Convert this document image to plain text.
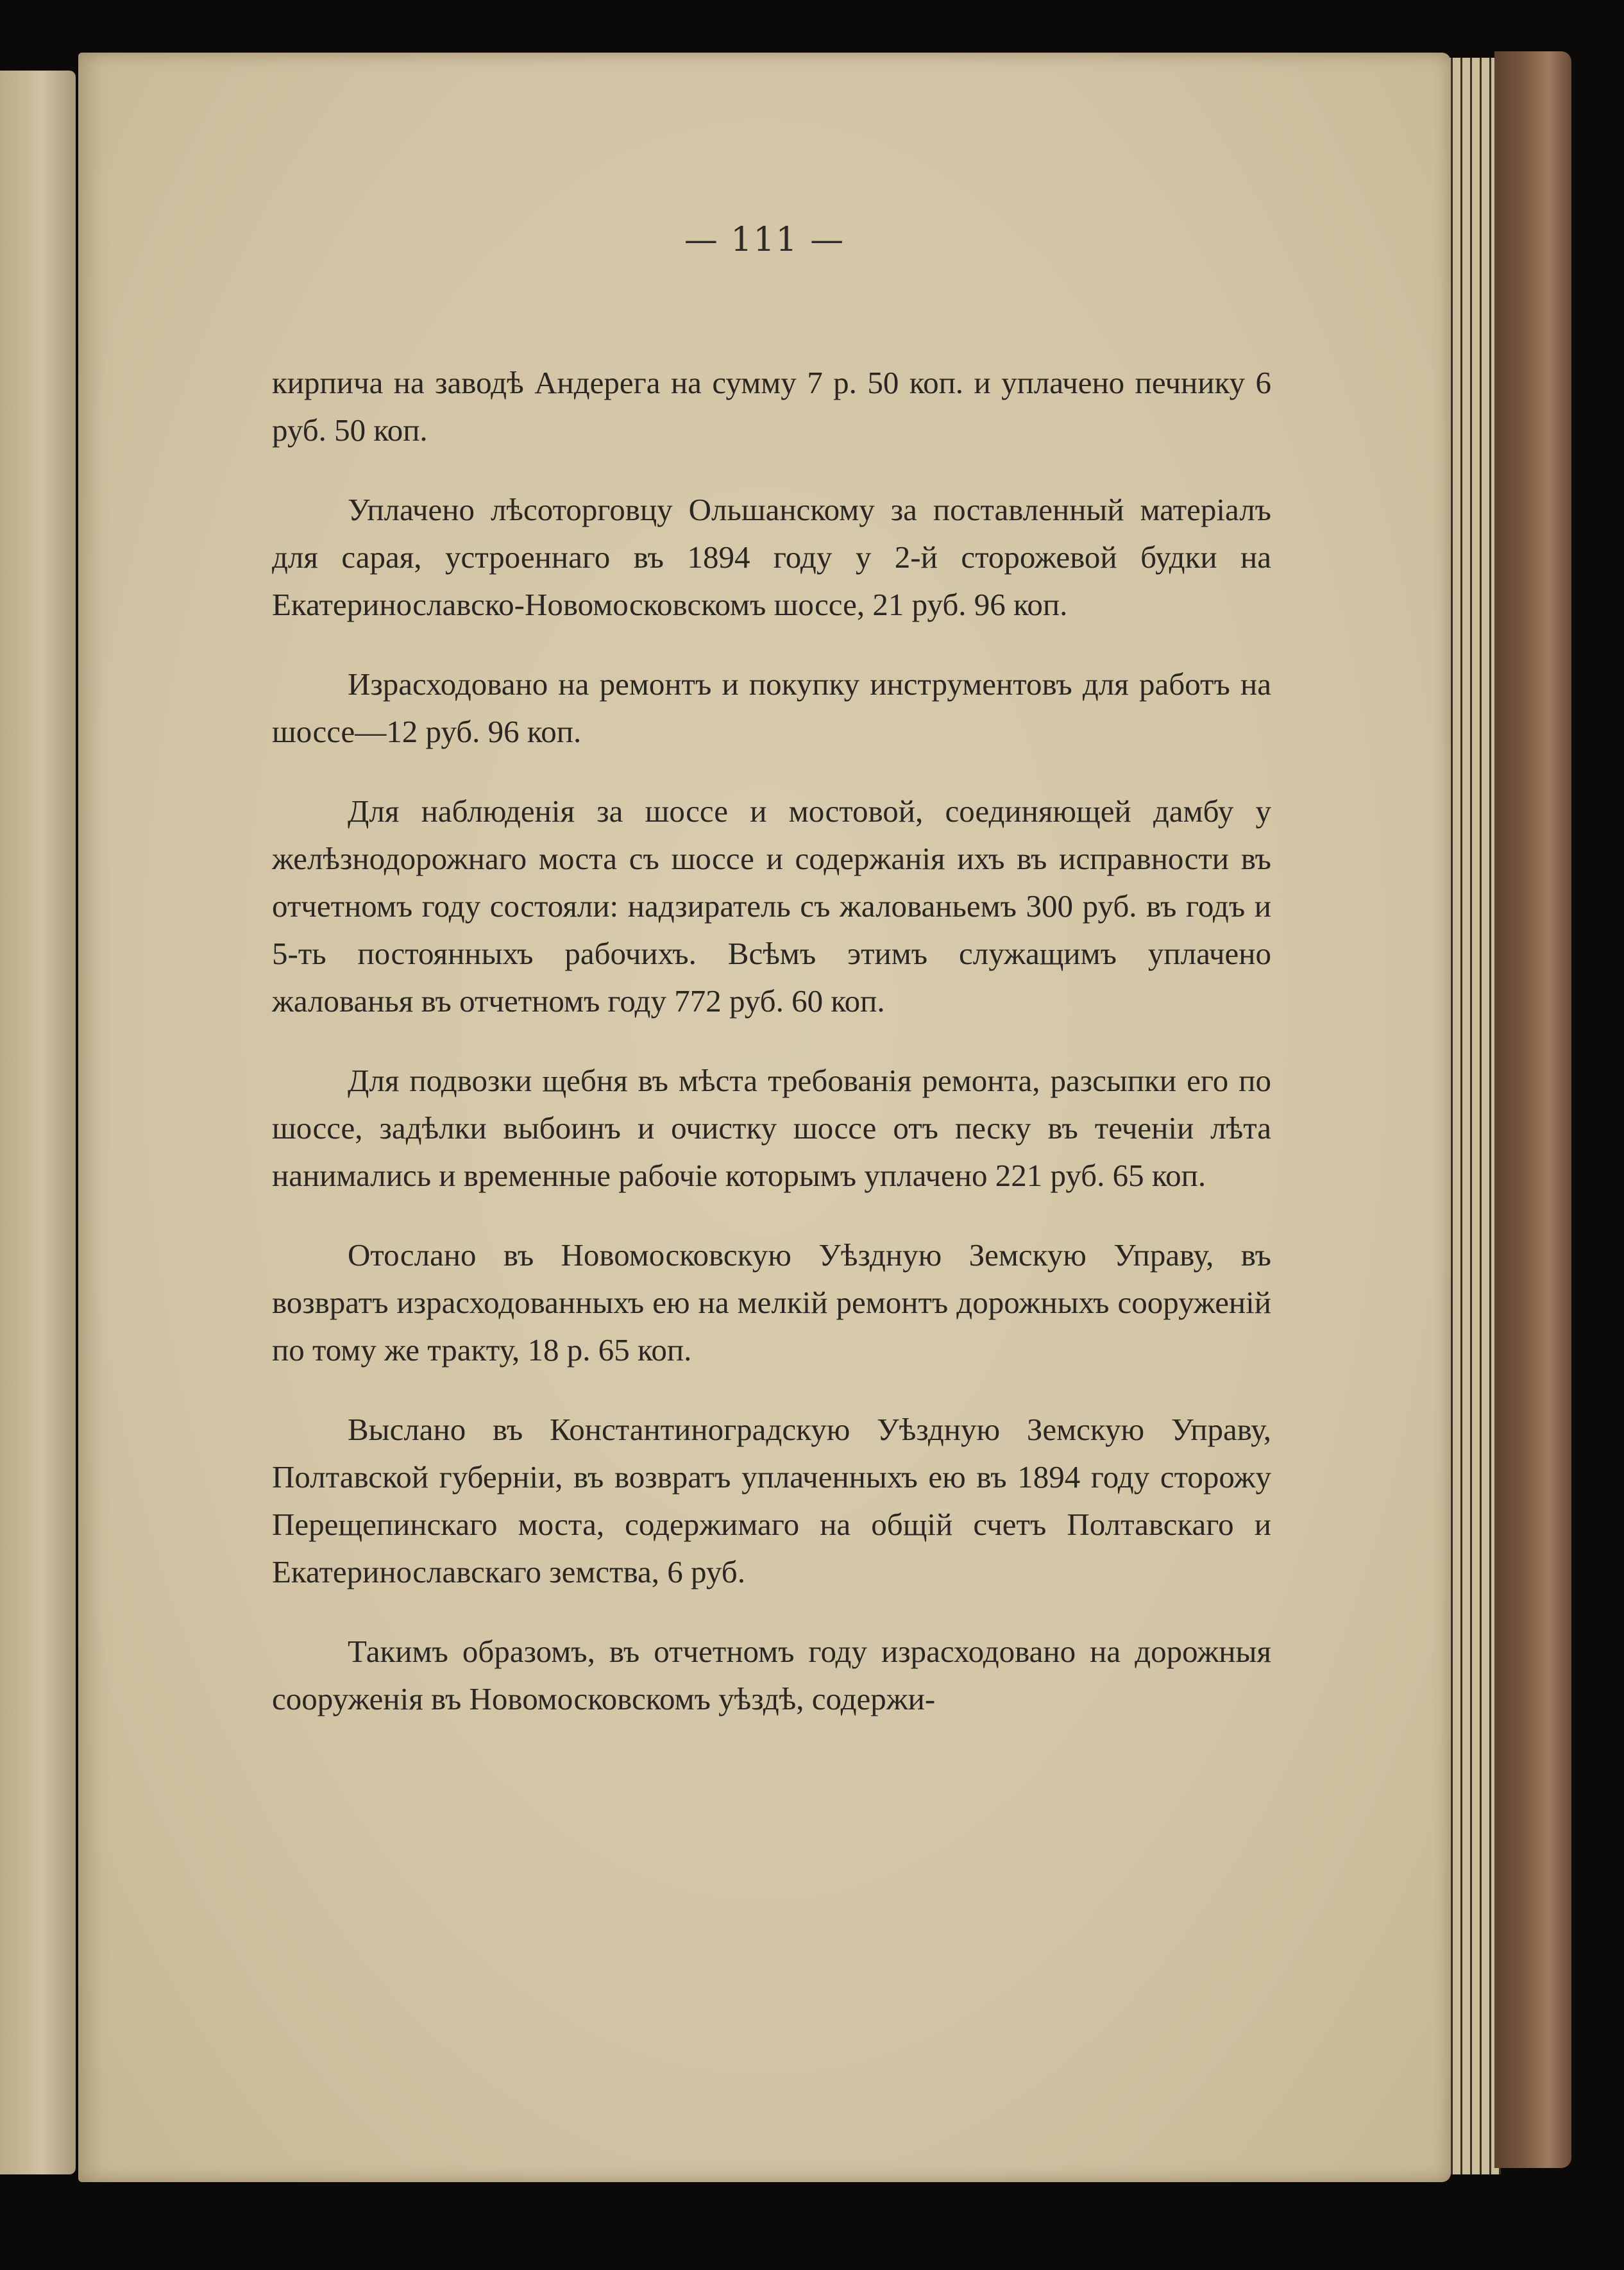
— 111 —

кирпича на заводѣ Андерега на сумму 7 р. 50 коп. и уплачено печнику 6 руб. 50 коп.

Уплачено лѣсоторговцу Ольшанскому за поставленный матеріалъ для сарая, устроеннаго въ 1894 году у 2-й сторожевой будки на Екатеринославско-Новомосковскомъ шоссе, 21 руб. 96 коп.

Израсходовано на ремонтъ и покупку инструментовъ для работъ на шоссе—12 руб. 96 коп.

Для наблюденія за шоссе и мостовой, соединяющей дамбу у желѣзнодорожнаго моста съ шоссе и содержанія ихъ въ исправности въ отчетномъ году состояли: надзиратель съ жалованьемъ 300 руб. въ годъ и 5-ть постоянныхъ рабочихъ. Всѣмъ этимъ служащимъ уплачено жалованья въ отчетномъ году 772 руб. 60 коп.

Для подвозки щебня въ мѣста требованія ремонта, разсыпки его по шоссе, задѣлки выбоинъ и очистку шоссе отъ песку въ теченіи лѣта нанимались и временные рабочіе которымъ уплачено 221 руб. 65 коп.

Отослано въ Новомосковскую Уѣздную Земскую Управу, въ возвратъ израсходованныхъ ею на мелкій ремонтъ дорожныхъ сооруженій по тому же тракту, 18 р. 65 коп.

Выслано въ Константиноградскую Уѣздную Земскую Управу, Полтавской губерніи, въ возвратъ уплаченныхъ ею въ 1894 году сторожу Перещепинскаго моста, содержимаго на общій счетъ Полтавскаго и Екатеринославскаго земства, 6 руб.

Такимъ образомъ, въ отчетномъ году израсходовано на дорожныя сооруженія въ Новомосковскомъ уѣздѣ, содержи-
